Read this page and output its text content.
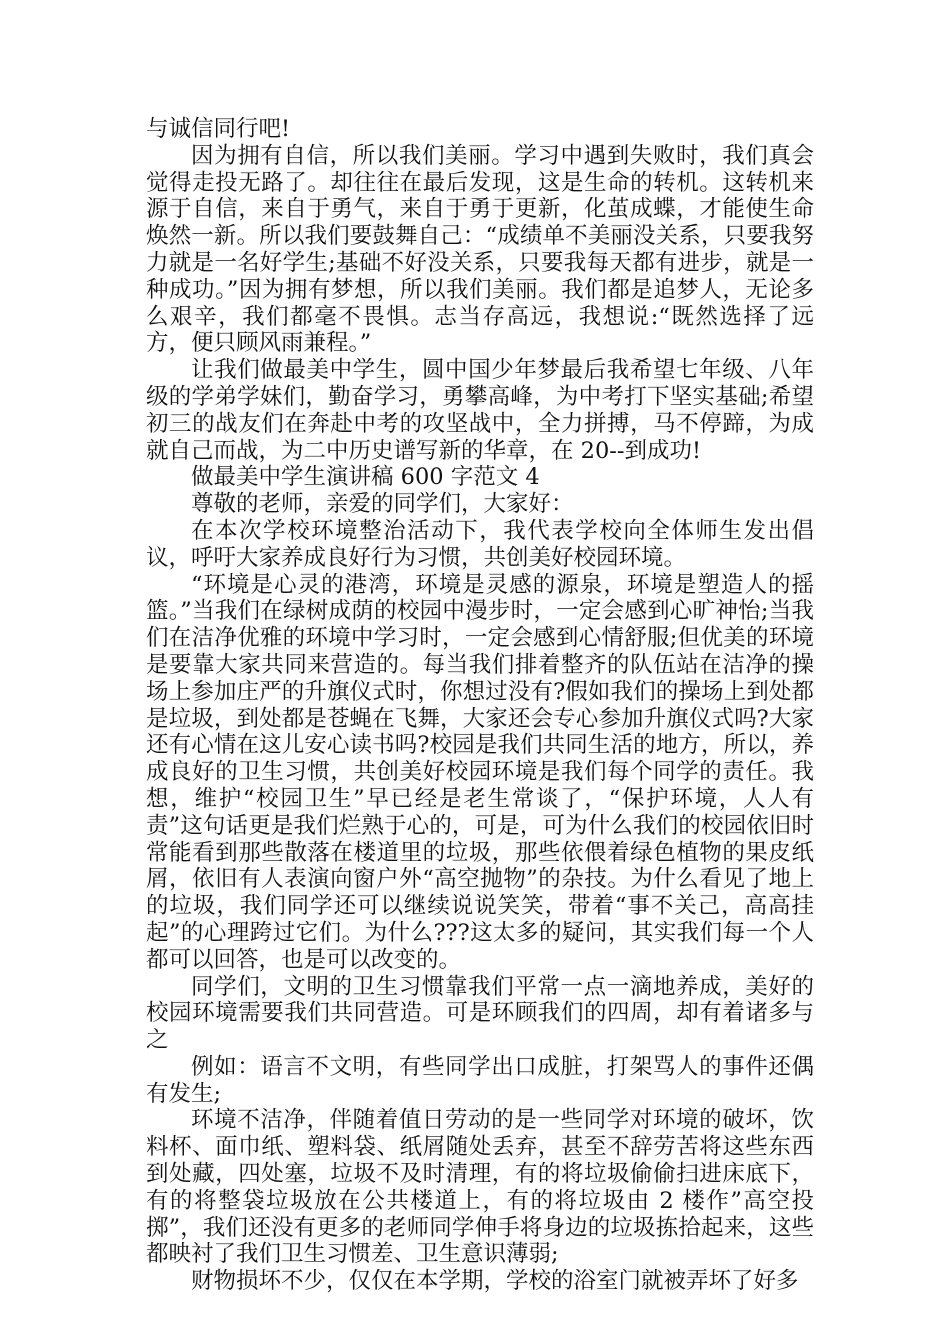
与诚信同行吧!

因为拥有自信，所以我们美丽。学习中遇到失败时，我们真会觉得走投无路了。却往往在最后发现，这是生命的转机。这转机来源于自信，来自于勇气，来自于勇于更新，化茧成蝶，才能使生命焕然一新。所以我们要鼓舞自己：“成绩单不美丽没关系，只要我努力就是一名好学生;基础不好没关系，只要我每天都有进步，就是一种成功。”因为拥有梦想，所以我们美丽。我们都是追梦人，无论多么艰辛，我们都毫不畏惧。志当存高远，我想说:“既然选择了远方，便只顾风雨兼程。”

让我们做最美中学生，圆中国少年梦最后我希望七年级、八年级的学弟学妹们，勤奋学习，勇攀高峰，为中考打下坚实基础;希望初三的战友们在奔赴中考的攻坚战中，全力拼搏，马不停蹄，为成就自己而战，为二中历史谱写新的华章，在 20--到成功!

做最美中学生演讲稿 600 字范文 4

尊敬的老师，亲爱的同学们，大家好：

在本次学校环境整治活动下，我代表学校向全体师生发出倡议，呼吁大家养成良好行为习惯，共创美好校园环境。

“环境是心灵的港湾，环境是灵感的源泉，环境是塑造人的摇篮。”当我们在绿树成荫的校园中漫步时，一定会感到心旷神怡;当我们在洁净优雅的环境中学习时，一定会感到心情舒服;但优美的环境是要靠大家共同来营造的。每当我们排着整齐的队伍站在洁净的操场上参加庄严的升旗仪式时，你想过没有?假如我们的操场上到处都是垃圾，到处都是苍蝇在飞舞，大家还会专心参加升旗仪式吗?大家还有心情在这儿安心读书吗?校园是我们共同生活的地方，所以，养成良好的卫生习惯，共创美好校园环境是我们每个同学的责任。我想，维护“校园卫生”早已经是老生常谈了，“保护环境，人人有责”这句话更是我们烂熟于心的，可是，可为什么我们的校园依旧时常能看到那些散落在楼道里的垃圾，那些依偎着绿色植物的果皮纸屑，依旧有人表演向窗户外“高空抛物”的杂技。为什么看见了地上的垃圾，我们同学还可以继续说说笑笑，带着“事不关己，高高挂起”的心理跨过它们。为什么???这太多的疑问，其实我们每一个人都可以回答，也是可以改变的。

同学们，文明的卫生习惯靠我们平常一点一滴地养成，美好的校园环境需要我们共同营造。可是环顾我们的四周，却有着诸多与之

例如：语言不文明，有些同学出口成脏，打架骂人的事件还偶有发生;

环境不洁净，伴随着值日劳动的是一些同学对环境的破坏，饮料杯、面巾纸、塑料袋、纸屑随处丢弃，甚至不辞劳苦将这些东西到处藏，四处塞，垃圾不及时清理，有的将垃圾偷偷扫进床底下，有的将整袋垃圾放在公共楼道上，有的将垃圾由 2 楼作”高空投掷”，我们还没有更多的老师同学伸手将身边的垃圾拣拾起来，这些都映衬了我们卫生习惯差、卫生意识薄弱;

财物损坏不少，仅仅在本学期，学校的浴室门就被弄坏了好多
